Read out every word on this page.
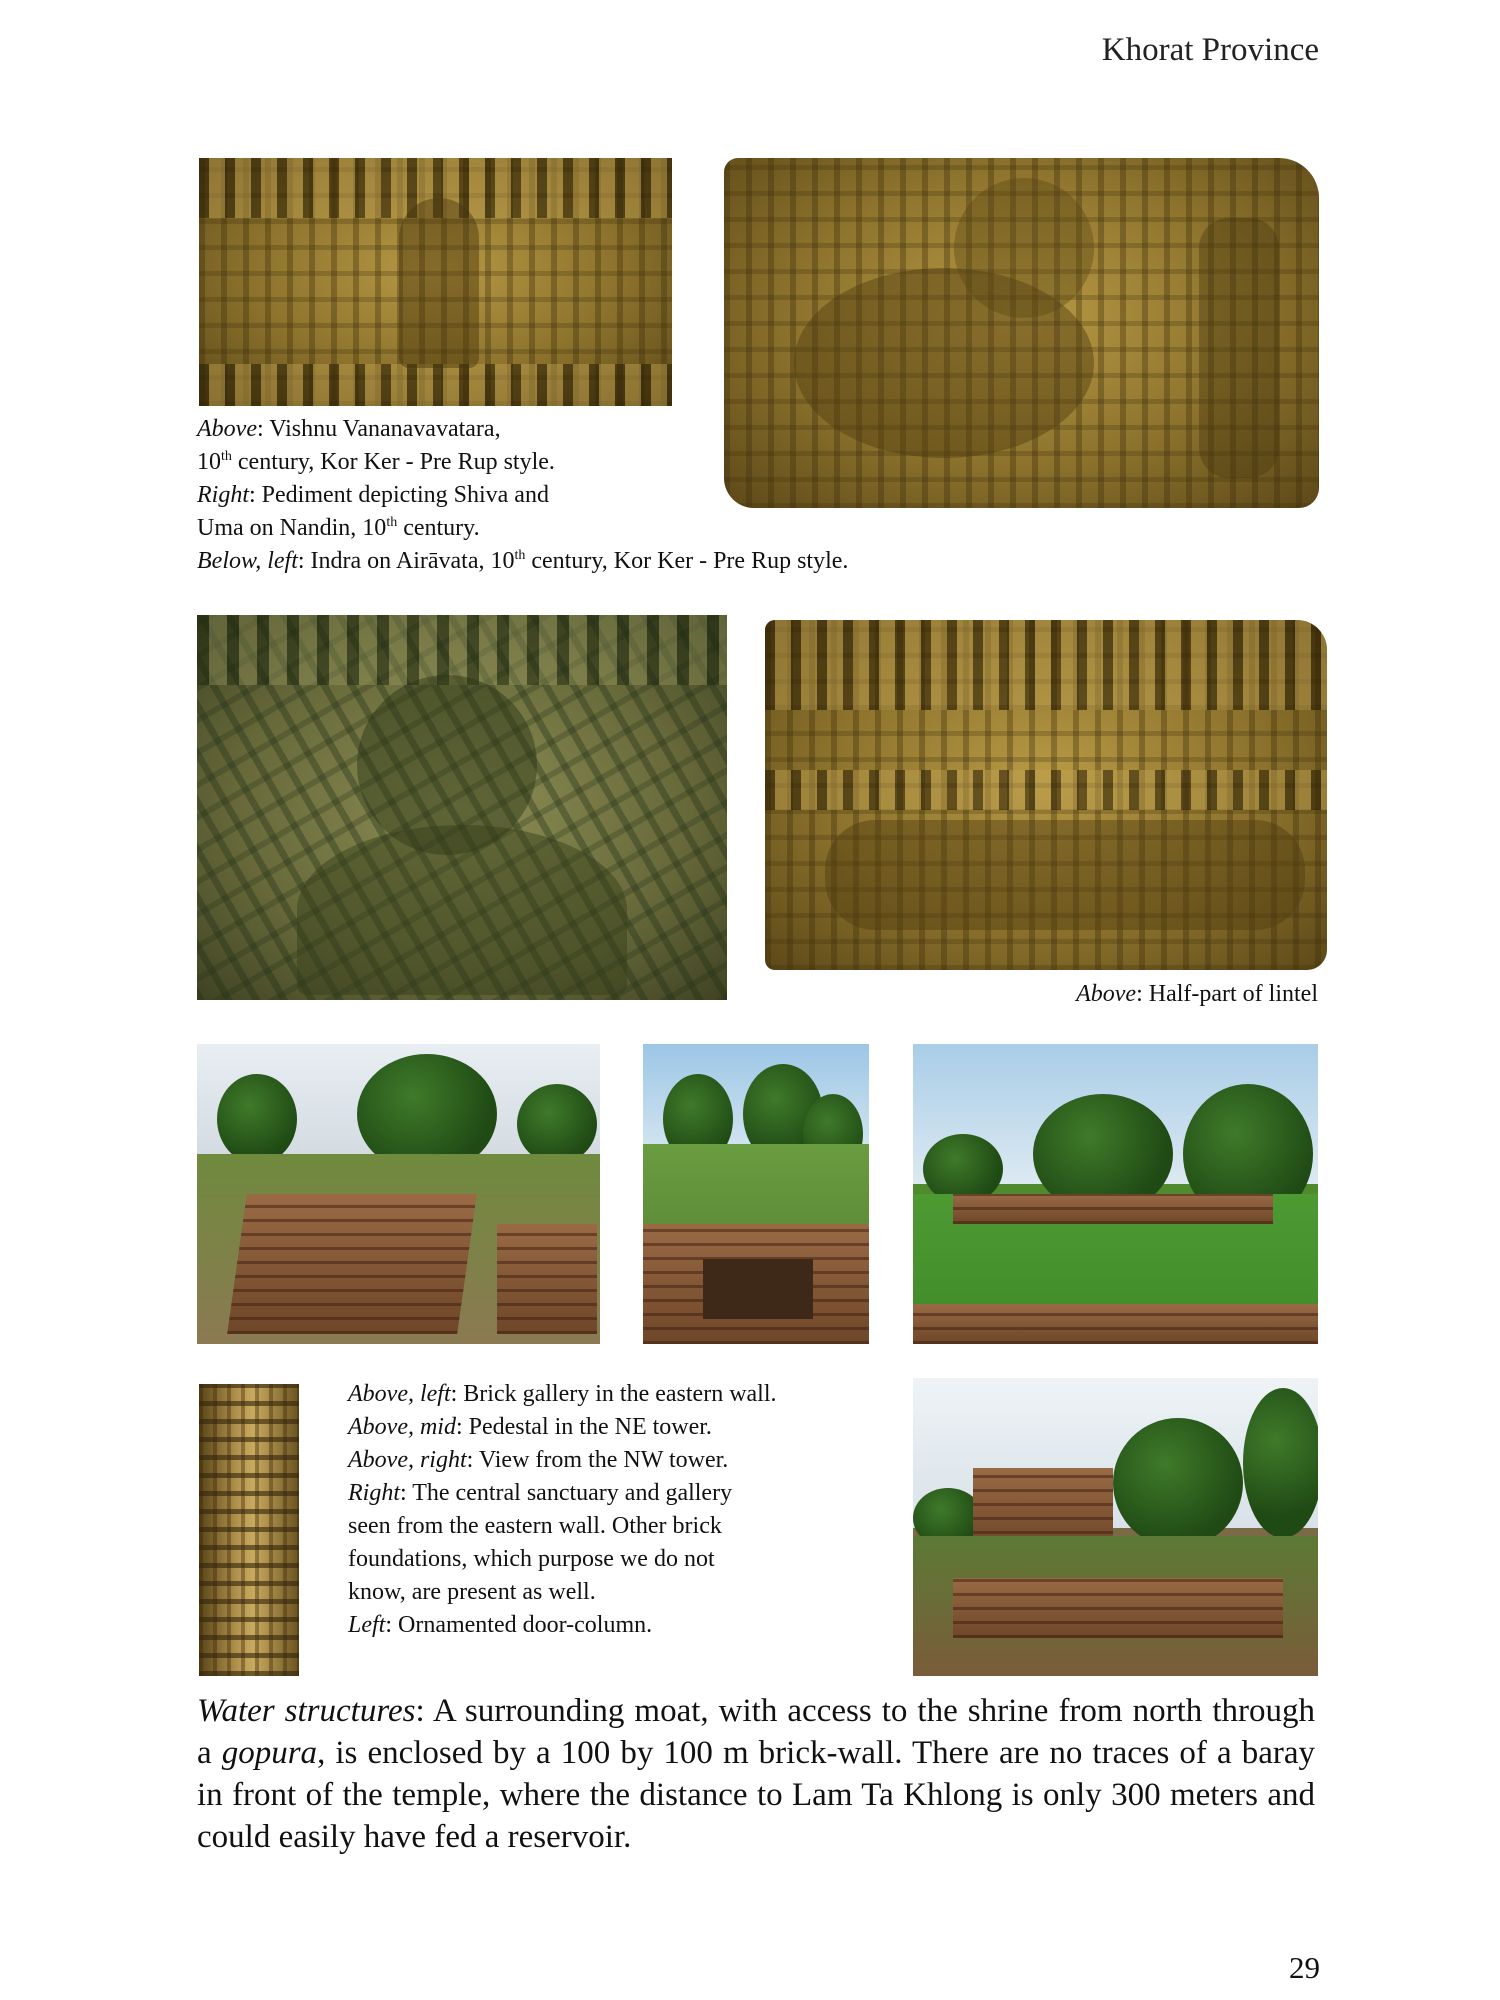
Khorat Province
Above: Vishnu Vananavavatara,
10th century, Kor Ker - Pre Rup style.
Right: Pediment depicting Shiva and
Uma on Nandin, 10th century.
Below, left: Indra on Airāvata, 10th century, Kor Ker - Pre Rup style.
Above: Half-part of lintel
Above, left: Brick gallery in the eastern wall.
Above, mid: Pedestal in the NE tower.
Above, right: View from the NW tower.
Right: The central sanctuary and gallery
seen from the eastern wall. Other brick
foundations, which purpose we do not
know, are present as well.
Left: Ornamented door-column.
Water structures: A surrounding moat, with access to the shrine from north through a gopura, is enclosed by a 100 by 100 m brick-wall. There are no traces of a baray in front of the temple, where the distance to Lam Ta Khlong is only 300 meters and could easily have fed a reservoir.
29
